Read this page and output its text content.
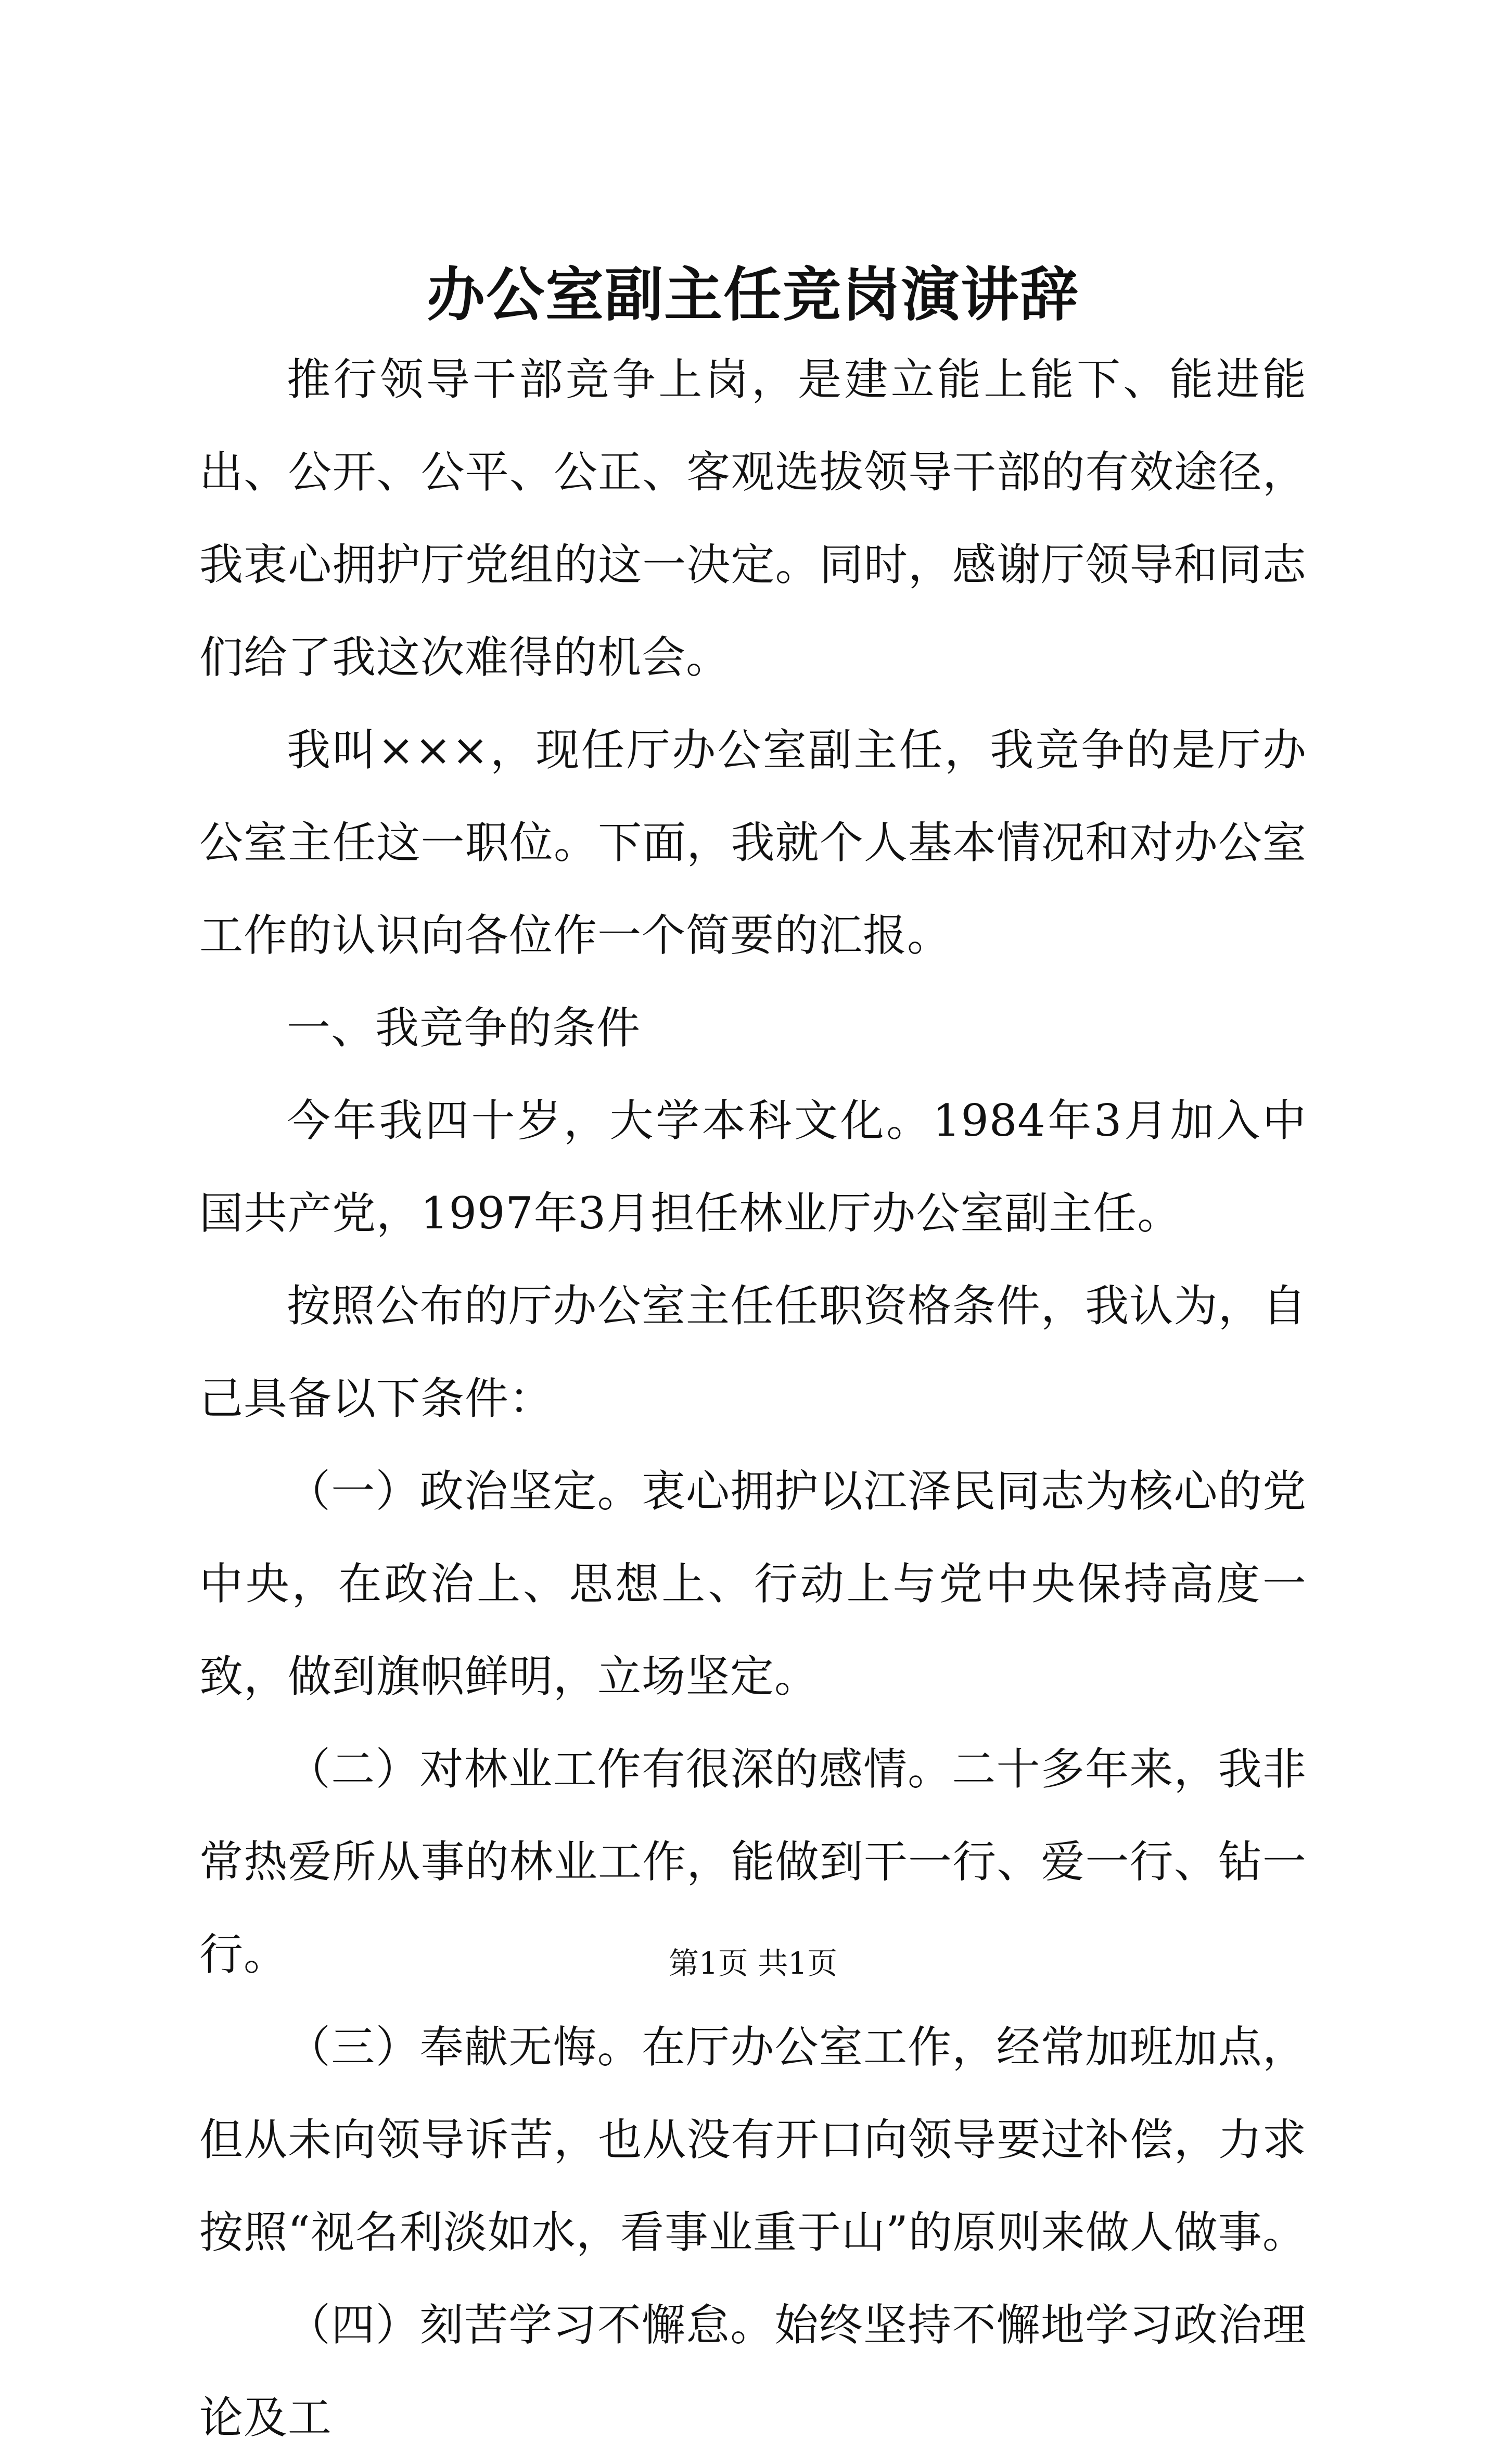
办公室副主任竞岗演讲辞

推行领导干部竞争上岗，是建立能上能下、能进能出、公开、公平、公正、客观选拔领导干部的有效途径，我衷心拥护厅党组的这一决定。同时，感谢厅领导和同志们给了我这次难得的机会。

我叫×××，现任厅办公室副主任，我竞争的是厅办公室主任这一职位。下面，我就个人基本情况和对办公室工作的认识向各位作一个简要的汇报。

一、我竞争的条件

今年我四十岁，大学本科文化。1984年3月加入中国共产党，1997年3月担任林业厅办公室副主任。

按照公布的厅办公室主任任职资格条件，我认为，自己具备以下条件：

（一）政治坚定。衷心拥护以江泽民同志为核心的党中央，在政治上、思想上、行动上与党中央保持高度一致，做到旗帜鲜明，立场坚定。

（二）对林业工作有很深的感情。二十多年来，我非常热爱所从事的林业工作，能做到干一行、爱一行、钻一行。

（三）奉献无悔。在厅办公室工作，经常加班加点，但从未向领导诉苦，也从没有开口向领导要过补偿，力求按照“视名利淡如水，看事业重于山”的原则来做人做事。

（四）刻苦学习不懈怠。始终坚持不懈地学习政治理论及工

第1页 共1页
